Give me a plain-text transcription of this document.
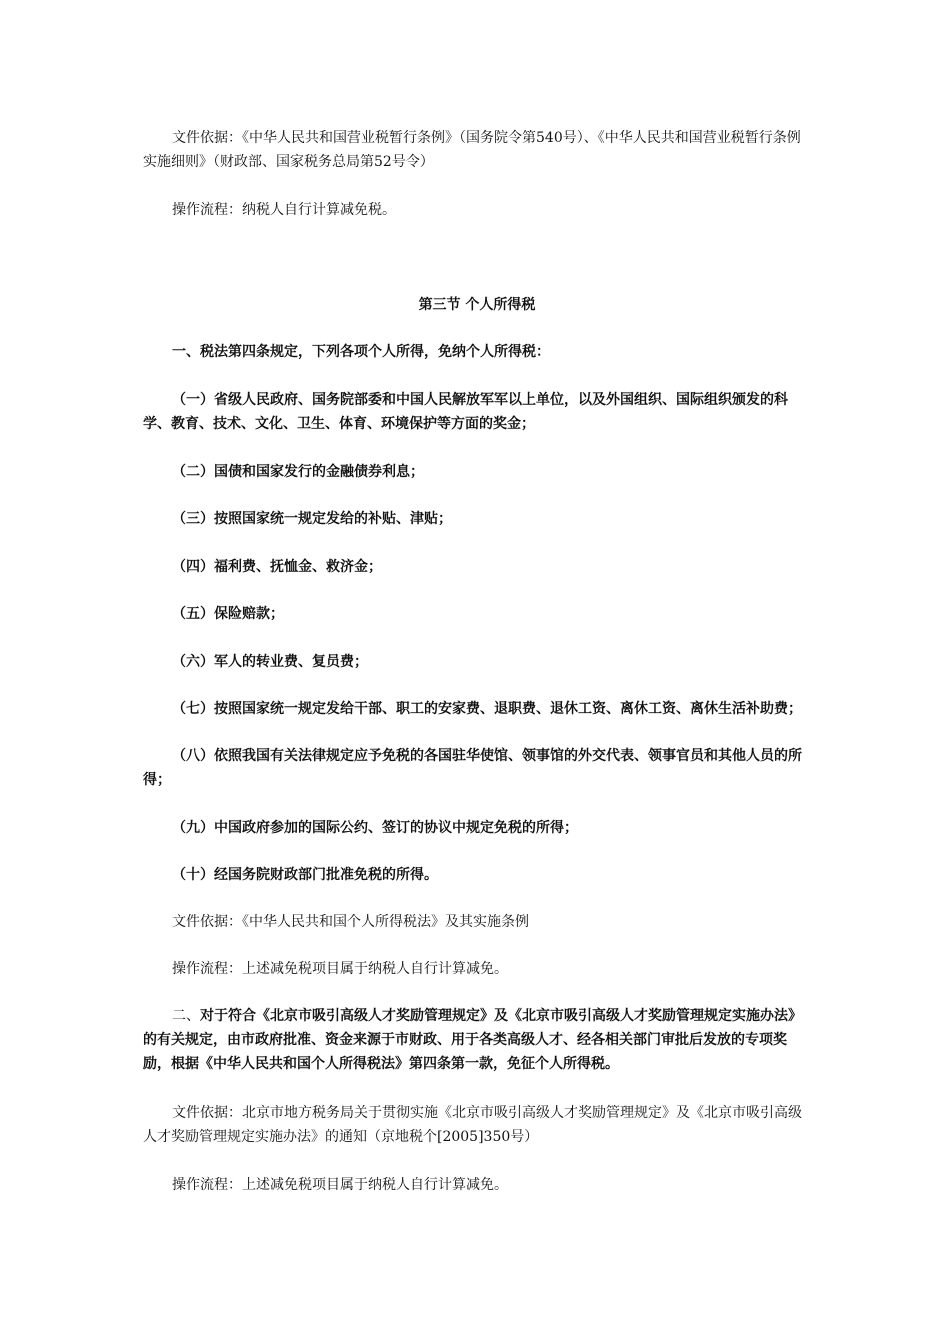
文件依据：《中华人民共和国营业税暂行条例》（国务院令第540号）、《中华人民共和国营业税暂行条例实施细则》（财政部、国家税务总局第52号令）
操作流程：纳税人自行计算减免税。
第三节 个人所得税
一、税法第四条规定，下列各项个人所得，免纳个人所得税：
（一）省级人民政府、国务院部委和中国人民解放军军以上单位，以及外国组织、国际组织颁发的科学、教育、技术、文化、卫生、体育、环境保护等方面的奖金；
（二）国债和国家发行的金融债券利息；
（三）按照国家统一规定发给的补贴、津贴；
（四）福利费、抚恤金、救济金；
（五）保险赔款；
（六）军人的转业费、复员费；
（七）按照国家统一规定发给干部、职工的安家费、退职费、退休工资、离休工资、离休生活补助费；
（八）依照我国有关法律规定应予免税的各国驻华使馆、领事馆的外交代表、领事官员和其他人员的所得；
（九）中国政府参加的国际公约、签订的协议中规定免税的所得；
（十）经国务院财政部门批准免税的所得。
文件依据：《中华人民共和国个人所得税法》及其实施条例
操作流程：上述减免税项目属于纳税人自行计算减免。
二、对于符合《北京市吸引高级人才奖励管理规定》及《北京市吸引高级人才奖励管理规定实施办法》的有关规定，由市政府批准、资金来源于市财政、用于各类高级人才、经各相关部门审批后发放的专项奖励，根据《中华人民共和国个人所得税法》第四条第一款，免征个人所得税。
文件依据：北京市地方税务局关于贯彻实施《北京市吸引高级人才奖励管理规定》及《北京市吸引高级人才奖励管理规定实施办法》的通知（京地税个[2005]350号）
操作流程：上述减免税项目属于纳税人自行计算减免。
